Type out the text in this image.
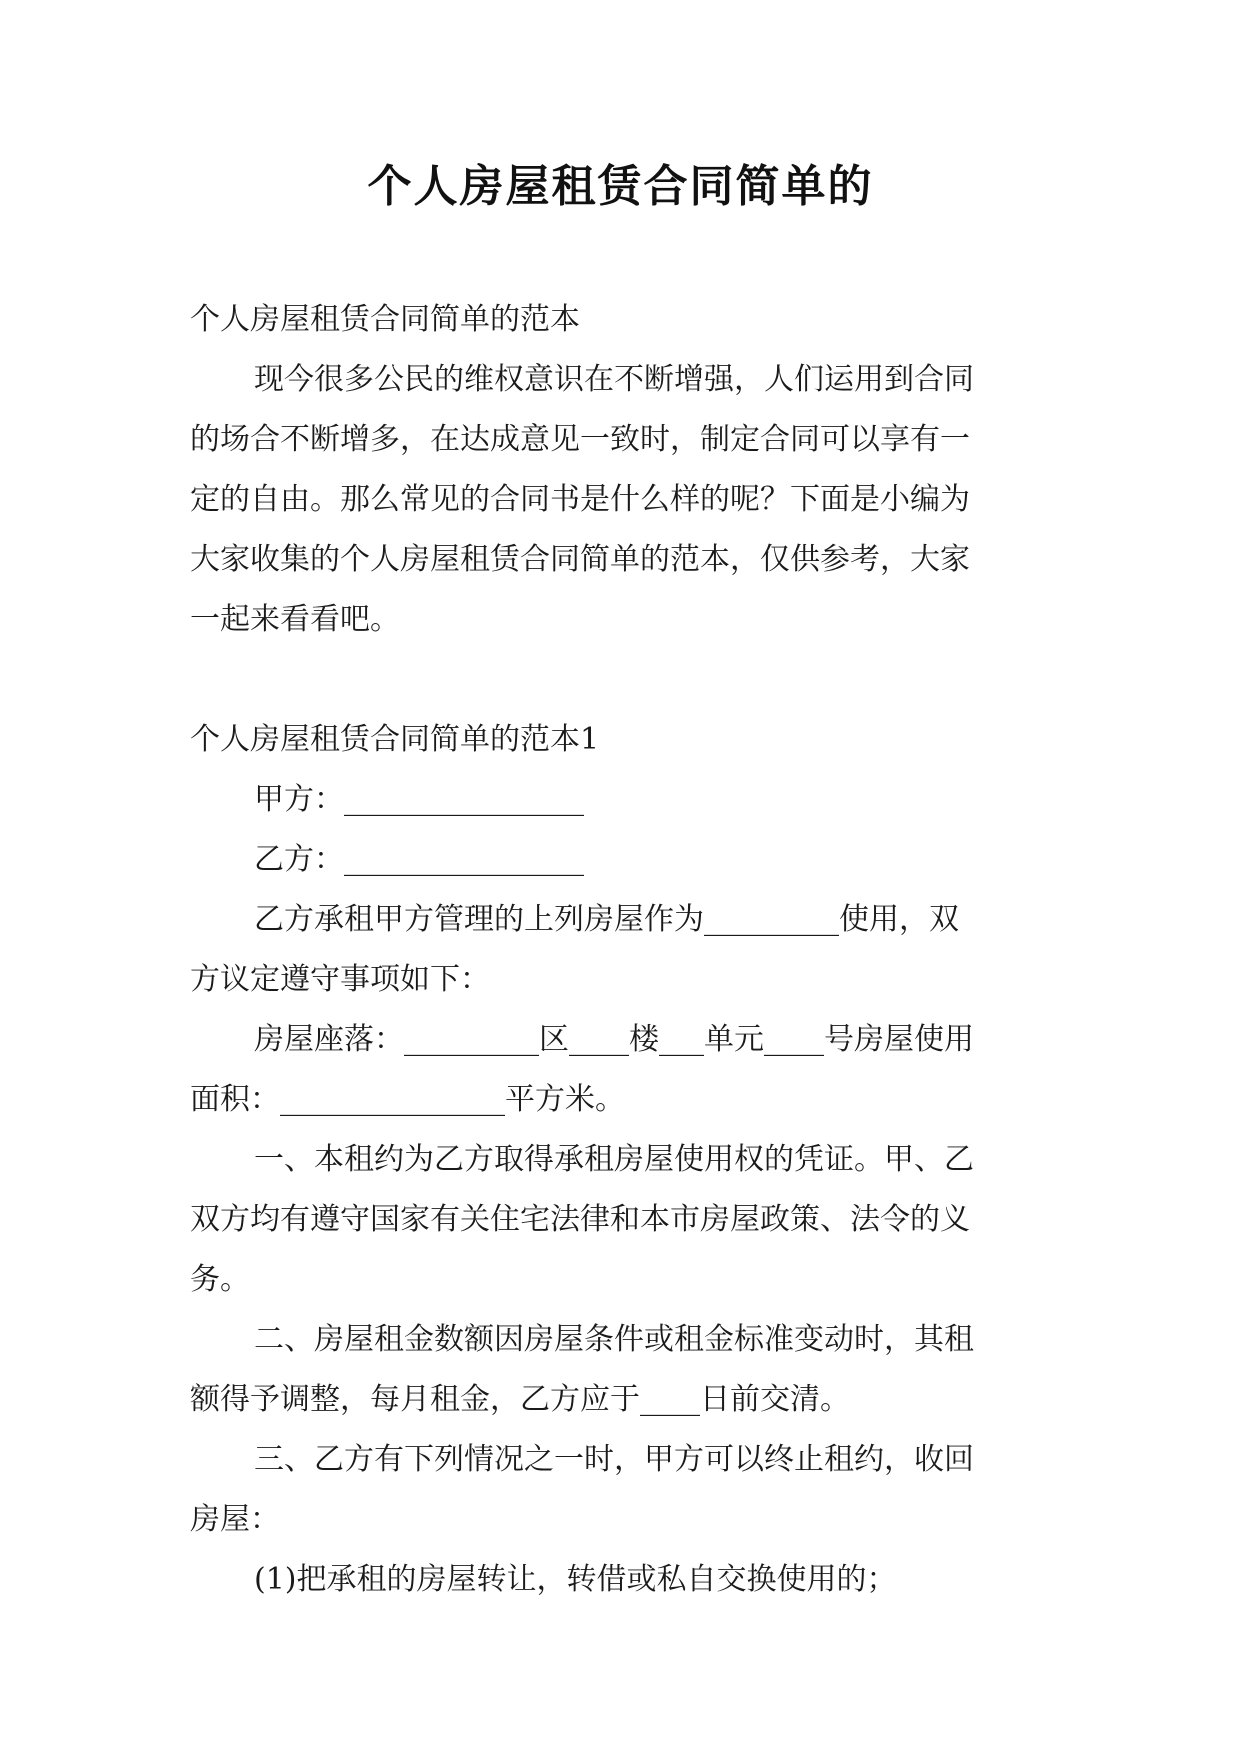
个人房屋租赁合同简单的
个人房屋租赁合同简单的范本
现今很多公民的维权意识在不断增强，人们运用到合同
的场合不断增多，在达成意见一致时，制定合同可以享有一
定的自由。那么常见的合同书是什么样的呢？下面是小编为
大家收集的个人房屋租赁合同简单的范本，仅供参考，大家
一起来看看吧。
个人房屋租赁合同简单的范本1
甲方：________________
乙方：________________
乙方承租甲方管理的上列房屋作为_________使用，双
方议定遵守事项如下：
房屋座落：_________区____楼___单元____号房屋使用
面积：_______________平方米。
一、本租约为乙方取得承租房屋使用权的凭证。甲、乙
双方均有遵守国家有关住宅法律和本市房屋政策、法令的义
务。
二、房屋租金数额因房屋条件或租金标准变动时，其租
额得予调整，每月租金，乙方应于____日前交清。
三、乙方有下列情况之一时，甲方可以终止租约，收回
房屋：
(1)把承租的房屋转让，转借或私自交换使用的；
